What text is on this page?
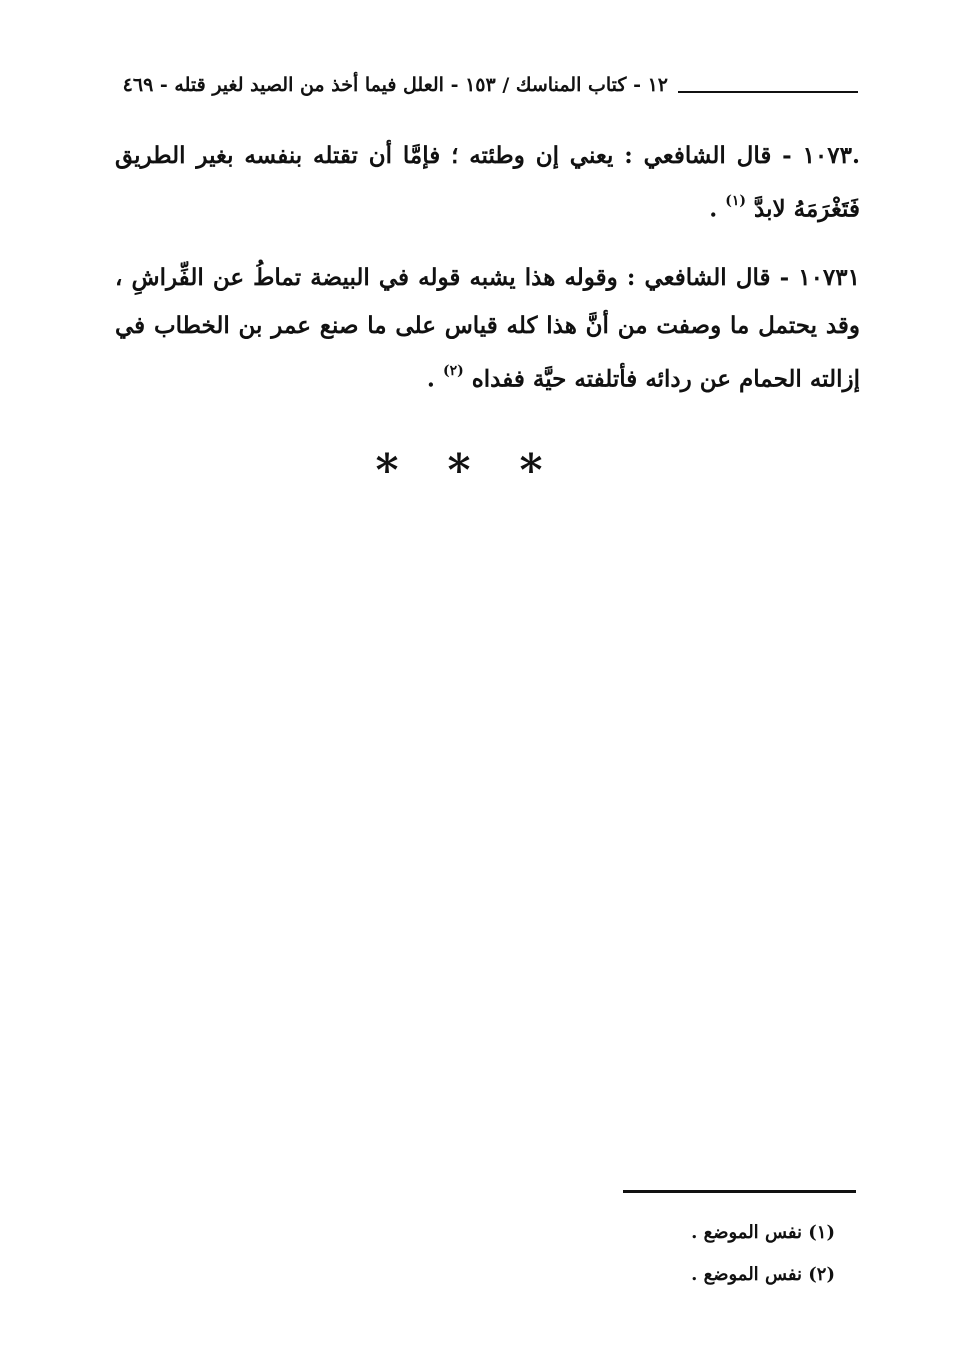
١٢ - كتاب المناسك / ١٥٣ - العلل فيما أخذ من الصيد لغير قتله - ٤٦٩

.١٠٧٣ - قال الشافعي : يعني إن وطئته ؛ فإمَّا أن تقتله بنفسه بغير الطريق فَتَغْرَمَهُ لابدَّ $^{(١)}$ .

١٠٧٣١ - قال الشافعي : وقوله هذا يشبه قوله في البيضة تماطُ عن الفِّراشِ ، وقد يحتمل ما وصفت من أنَّ هذا كله قياس على ما صنع عمر بن الخطاب في إزالته الحمام عن ردائه فأتلفته حيَّة ففداه $^{(٢)}$ .

* * *
(١) نفس الموضع .
(٢) نفس الموضع .
